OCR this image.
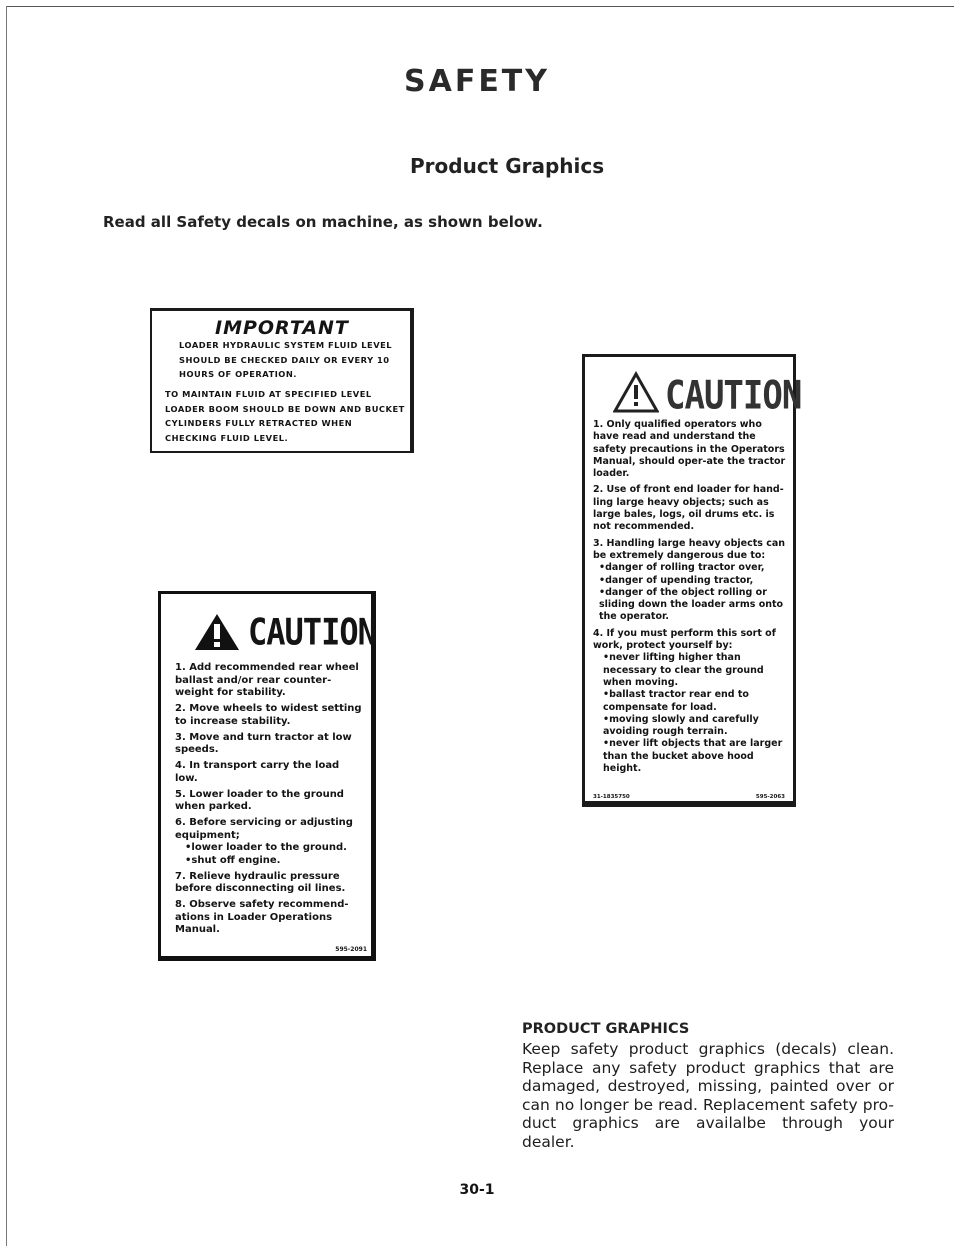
SAFETY
Product Graphics
Read all Safety decals on machine, as shown below.
IMPORTANT

LOADER HYDRAULIC SYSTEM FLUID LEVEL SHOULD BE CHECKED DAILY OR EVERY 10 HOURS OF OPERATION.

TO MAINTAIN FLUID AT SPECIFIED LEVEL LOADER BOOM SHOULD BE DOWN AND BUCKET CYLINDERS FULLY RETRACTED WHEN CHECKING FLUID LEVEL.

CAUTION
1. Add recommended rear wheel ballast and/or rear counter-weight for stability.
2. Move wheels to widest setting to increase stability.
3. Move and turn tractor at low speeds.
4. In transport carry the load low.
5. Lower loader to the ground when parked.
6. Before servicing or adjusting equipment;
•lower loader to the ground.
•shut off engine.
7. Relieve hydraulic pressure before disconnecting oil lines.
8. Observe safety recommend-ations in Loader Operations Manual.
595-2091
CAUTION
1. Only qualified operators who have read and understand the safety precautions in the Operators Manual, should oper-ate the tractor loader.
2. Use of front end loader for hand-ling large heavy objects; such as large bales, logs, oil drums etc. is not recommended.
3. Handling large heavy objects can be extremely dangerous due to:
•danger of rolling tractor over,
•danger of upending tractor,
•danger of the object rolling or sliding down the loader arms onto the operator.
4. If you must perform this sort of work, protect yourself by:
•never lifting higher than necessary to clear the ground when moving.
•ballast tractor rear end to compensate for load.
•moving slowly and carefully avoiding rough terrain.
•never lift objects that are larger than the bucket above hood height.
31-1835750	595-2063
PRODUCT GRAPHICS

Keep safety product graphics (decals) clean. Replace any safety product graphics that are damaged, destroyed, missing, painted over or can no longer be read. Replacement safety pro-duct graphics are availalbe through your dealer.

30-1
